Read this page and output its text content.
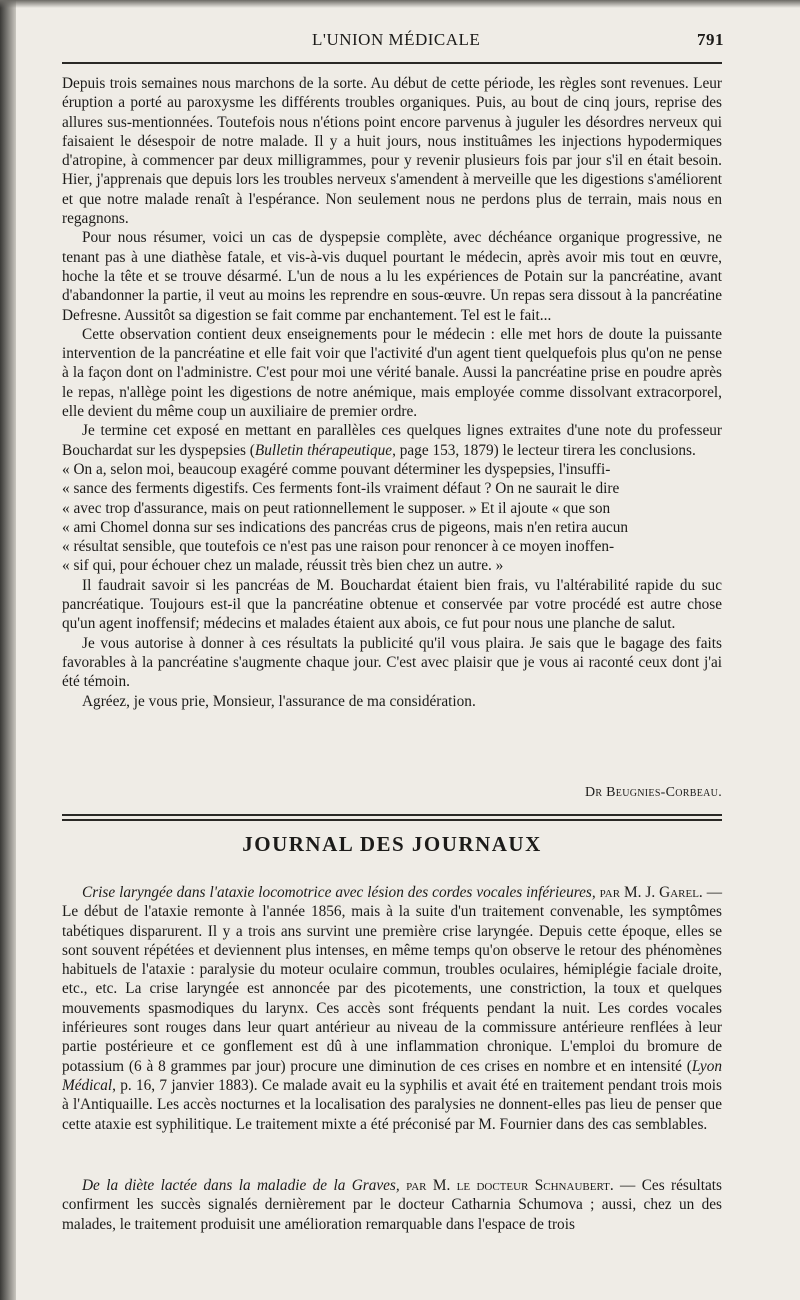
L'UNION MÉDICALE	791

Depuis trois semaines nous marchons de la sorte. Au début de cette période, les règles sont revenues. Leur éruption a porté au paroxysme les différents troubles organiques. Puis, au bout de cinq jours, reprise des allures sus-mentionnées. Toutefois nous n'étions point encore parvenus à juguler les désordres nerveux qui faisaient le désespoir de notre malade. Il y a huit jours, nous instituâmes les injections hypodermiques d'atropine, à commencer par deux milligrammes, pour y revenir plusieurs fois par jour s'il en était besoin. Hier, j'apprenais que depuis lors les troubles nerveux s'amendent à merveille que les digestions s'améliorent et que notre malade renaît à l'espérance. Non seulement nous ne perdons plus de terrain, mais nous en regagnons.

Pour nous résumer, voici un cas de dyspepsie complète, avec déchéance organique progressive, ne tenant pas à une diathèse fatale, et vis-à-vis duquel pourtant le médecin, après avoir mis tout en œuvre, hoche la tête et se trouve désarmé. L'un de nous a lu les expériences de Potain sur la pancréatine, avant d'abandonner la partie, il veut au moins les reprendre en sous-œuvre. Un repas sera dissout à la pancréatine Defresne. Aussitôt sa digestion se fait comme par enchantement. Tel est le fait...

Cette observation contient deux enseignements pour le médecin : elle met hors de doute la puissante intervention de la pancréatine et elle fait voir que l'activité d'un agent tient quelquefois plus qu'on ne pense à la façon dont on l'administre. C'est pour moi une vérité banale. Aussi la pancréatine prise en poudre après le repas, n'allège point les digestions de notre anémique, mais employée comme dissolvant extracorporel, elle devient du même coup un auxiliaire de premier ordre.

Je termine cet exposé en mettant en parallèles ces quelques lignes extraites d'une note du professeur Bouchardat sur les dyspepsies (Bulletin thérapeutique, page 153, 1879) le lecteur tirera les conclusions.

« On a, selon moi, beaucoup exagéré comme pouvant déterminer les dyspepsies, l'insuffi-

« sance des ferments digestifs. Ces ferments font-ils vraiment défaut ? On ne saurait le dire

« avec trop d'assurance, mais on peut rationnellement le supposer. » Et il ajoute « que son

« ami Chomel donna sur ses indications des pancréas crus de pigeons, mais n'en retira aucun

« résultat sensible, que toutefois ce n'est pas une raison pour renoncer à ce moyen inoffen-

« sif qui, pour échouer chez un malade, réussit très bien chez un autre. »

Il faudrait savoir si les pancréas de M. Bouchardat étaient bien frais, vu l'altérabilité rapide du suc pancréatique. Toujours est-il que la pancréatine obtenue et conservée par votre procédé est autre chose qu'un agent inoffensif; médecins et malades étaient aux abois, ce fut pour nous une planche de salut.

Je vous autorise à donner à ces résultats la publicité qu'il vous plaira. Je sais que le bagage des faits favorables à la pancréatine s'augmente chaque jour. C'est avec plaisir que je vous ai raconté ceux dont j'ai été témoin.

Agréez, je vous prie, Monsieur, l'assurance de ma considération.

Dr Beugnies-Corbeau.
JOURNAL DES JOURNAUX

Crise laryngée dans l'ataxie locomotrice avec lésion des cordes vocales inférieures, par M. J. Garel. — Le début de l'ataxie remonte à l'année 1856, mais à la suite d'un traitement convenable, les symptômes tabétiques disparurent. Il y a trois ans survint une première crise laryngée. Depuis cette époque, elles se sont souvent répétées et deviennent plus intenses, en même temps qu'on observe le retour des phénomènes habituels de l'ataxie : paralysie du moteur oculaire commun, troubles oculaires, hémiplégie faciale droite, etc., etc. La crise laryngée est annoncée par des picotements, une constriction, la toux et quelques mouvements spasmodiques du larynx. Ces accès sont fréquents pendant la nuit. Les cordes vocales inférieures sont rouges dans leur quart antérieur au niveau de la commissure antérieure renflées à leur partie postérieure et ce gonflement est dû à une inflammation chronique. L'emploi du bromure de potassium (6 à 8 grammes par jour) procure une diminution de ces crises en nombre et en intensité (Lyon Médical, p. 16, 7 janvier 1883). Ce malade avait eu la syphilis et avait été en traitement pendant trois mois à l'Antiquaille. Les accès nocturnes et la localisation des paralysies ne donnent-elles pas lieu de penser que cette ataxie est syphilitique. Le traitement mixte a été préconisé par M. Fournier dans des cas semblables.

De la diète lactée dans la maladie de la Graves, par M. le docteur Schnaubert. — Ces résultats confirment les succès signalés dernièrement par le docteur Catharnia Schumova ; aussi, chez un des malades, le traitement produisit une amélioration remarquable dans l'espace de trois
